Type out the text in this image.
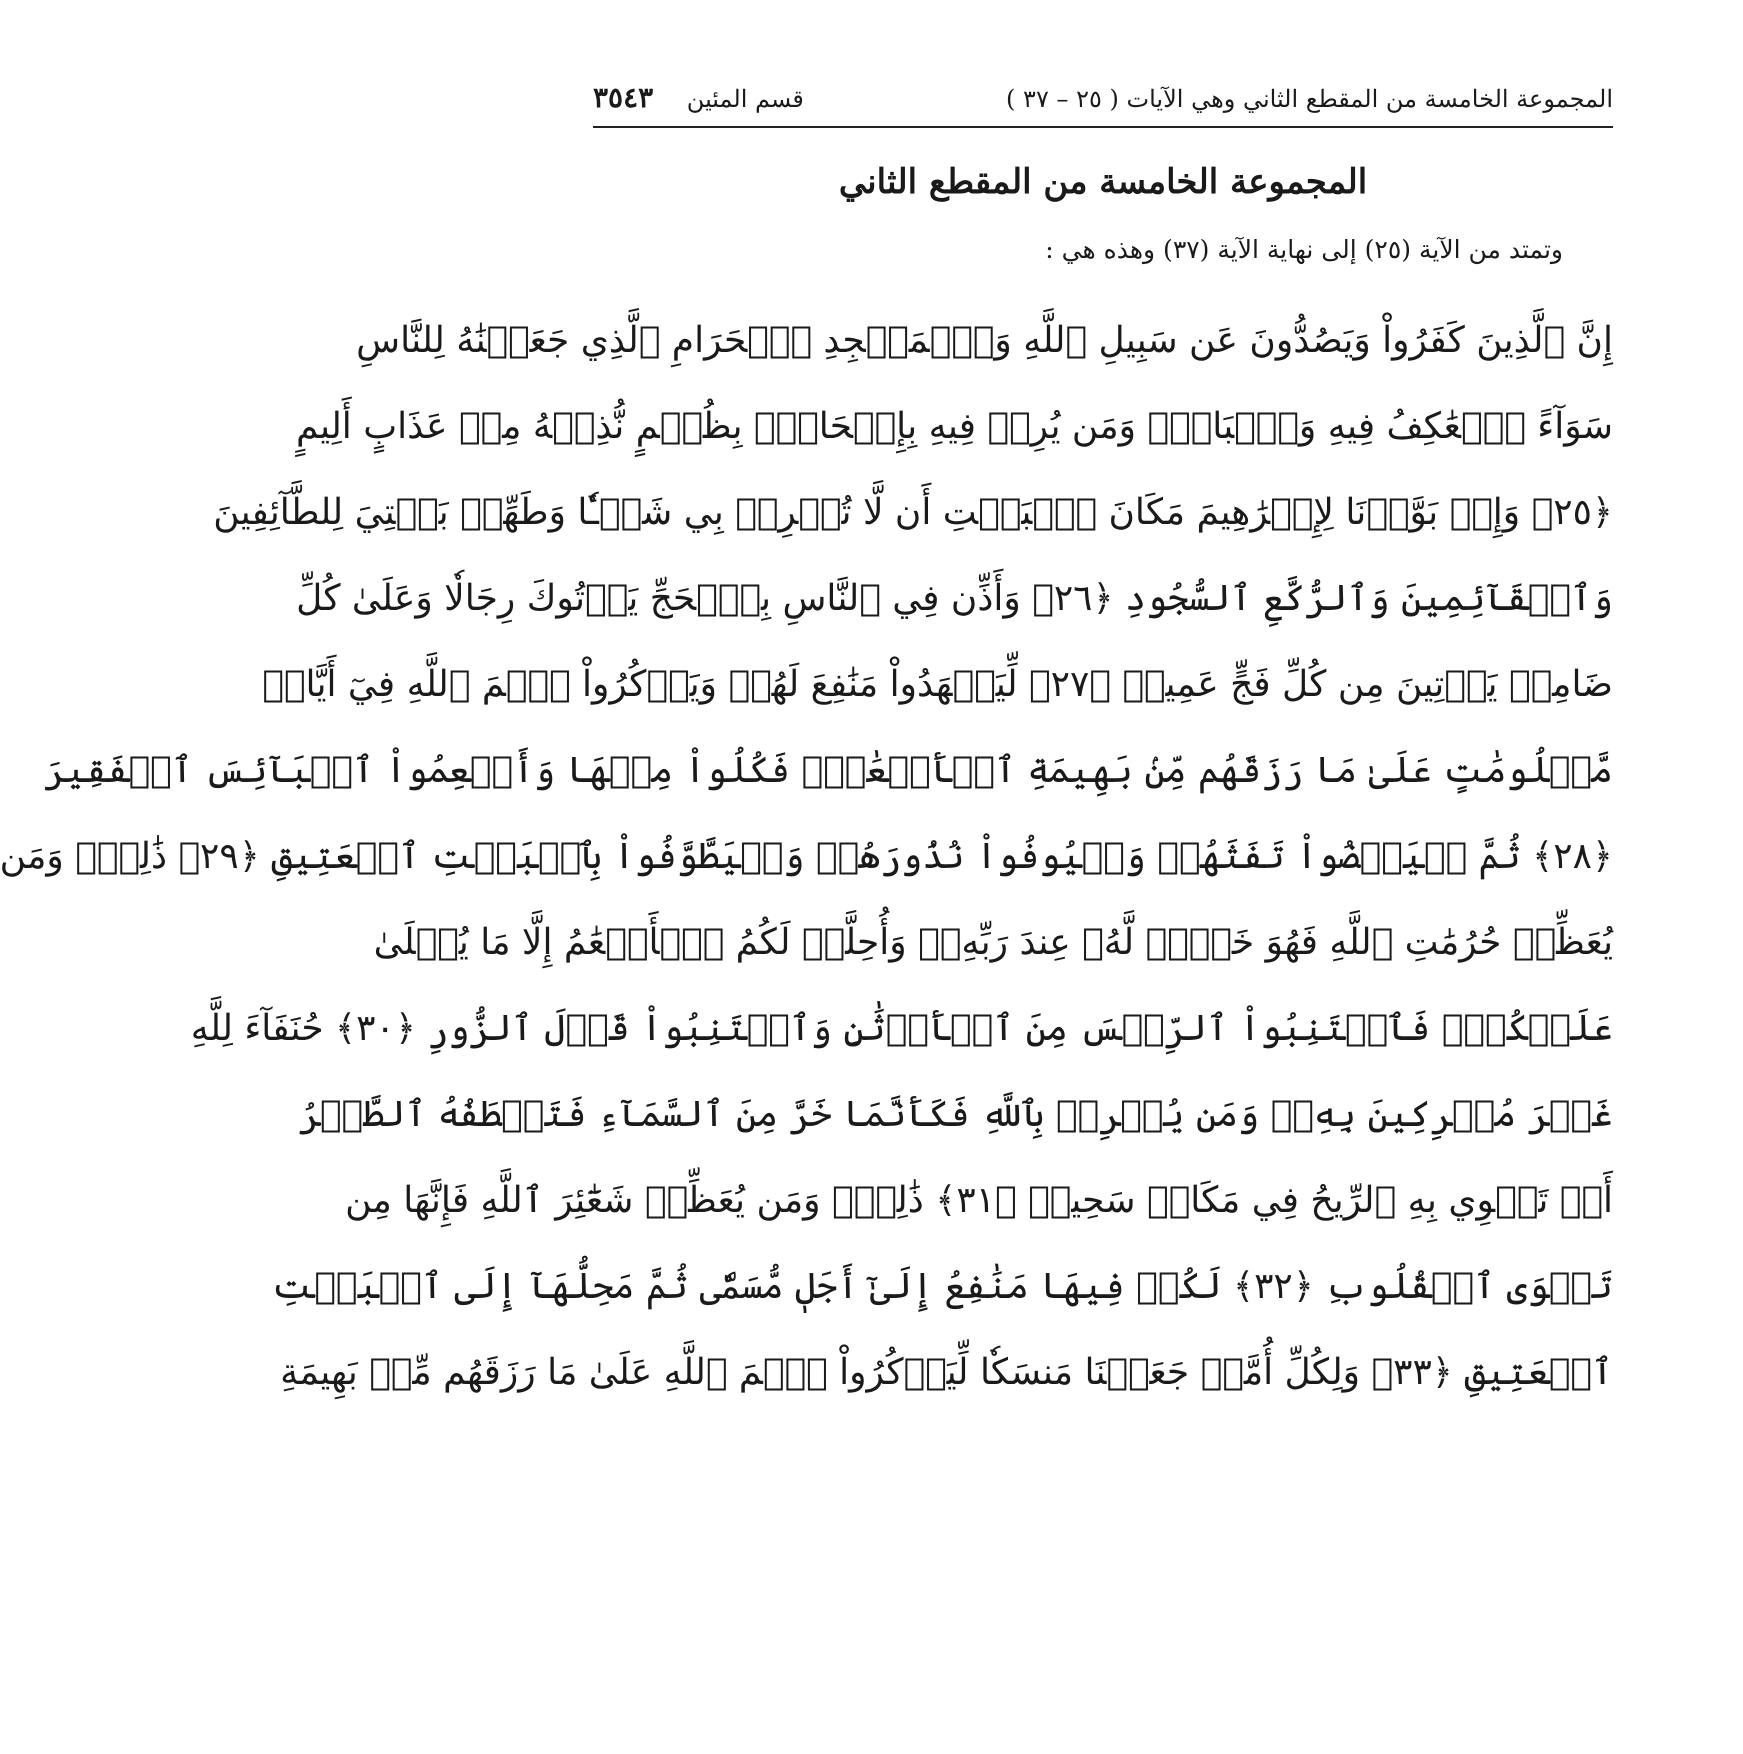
المجموعة الخامسة من المقطع الثاني وهي الآيات ( ٢٥ – ٣٧ )
قسم المئين ٣٥٤٣
المجموعة الخامسة من المقطع الثاني
وتمتد من الآية (٢٥) إلى نهاية الآية (٣٧) وهذه هي :
إِنَّ ٱلَّذِينَ كَفَرُواْ وَيَصُدُّونَ عَن سَبِيلِ ٱللَّهِ وَٱلۡمَسۡجِدِ ٱلۡحَرَامِ ٱلَّذِي جَعَلۡنَٰهُ لِلنَّاسِ
سَوَآءً ٱلۡعَٰكِفُ فِيهِ وَٱلۡبَادِۚ وَمَن يُرِدۡ فِيهِ بِإِلۡحَادِۭ بِظُلۡمٍ نُّذِقۡهُ مِنۡ عَذَابٍ أَلِيمٍ
﴿٢٥﴾ وَإِذۡ بَوَّأۡنَا لِإِبۡرَٰهِيمَ مَكَانَ ٱلۡبَيۡتِ أَن لَّا تُشۡرِكۡ بِي شَيۡـٔٗا وَطَهِّرۡ بَيۡتِيَ لِلطَّآئِفِينَ
وَٱلۡقَآئِمِينَ وَٱلرُّكَّعِ ٱلسُّجُودِ ﴿٢٦﴾ وَأَذِّن فِي ٱلنَّاسِ بِٱلۡحَجِّ يَأۡتُوكَ رِجَالٗا وَعَلَىٰ كُلِّ
ضَامِرٖ يَأۡتِينَ مِن كُلِّ فَجٍّ عَمِيقٖ ﴿٢٧﴾ لِّيَشۡهَدُواْ مَنَٰفِعَ لَهُمۡ وَيَذۡكُرُواْ ٱسۡمَ ٱللَّهِ فِيٓ أَيَّامٖ
مَّعۡلُومَٰتٍ عَلَىٰ مَا رَزَقَهُم مِّنۢ بَهِيمَةِ ٱلۡأَنۡعَٰمِۖ فَكُلُواْ مِنۡهَا وَأَطۡعِمُواْ ٱلۡبَآئِسَ ٱلۡفَقِيرَ
﴿٢٨﴾ ثُمَّ لۡيَقۡضُواْ تَفَثَهُمۡ وَلۡيُوفُواْ نُذُورَهُمۡ وَلۡيَطَّوَّفُواْ بِٱلۡبَيۡتِ ٱلۡعَتِيقِ ﴿٢٩﴾ ذَٰلِكَۖ وَمَن
يُعَظِّمۡ حُرُمَٰتِ ٱللَّهِ فَهُوَ خَيۡرٞ لَّهُۥ عِندَ رَبِّهِۦۗ وَأُحِلَّتۡ لَكُمُ ٱلۡأَنۡعَٰمُ إِلَّا مَا يُتۡلَىٰ
عَلَيۡكُمۡۖ فَٱجۡتَنِبُواْ ٱلرِّجۡسَ مِنَ ٱلۡأَوۡثَٰنِ وَٱجۡتَنِبُواْ قَوۡلَ ٱلزُّورِ ﴿٣٠﴾ حُنَفَآءَ لِلَّهِ
غَيۡرَ مُشۡرِكِينَ بِهِۦۚ وَمَن يُشۡرِكۡ بِٱللَّهِ فَكَأَنَّمَا خَرَّ مِنَ ٱلسَّمَآءِ فَتَخۡطَفُهُ ٱلطَّيۡرُ
أَوۡ تَهۡوِي بِهِ ٱلرِّيحُ فِي مَكَانٖ سَحِيقٖ ﴿٣١﴾ ذَٰلِكَۖ وَمَن يُعَظِّمۡ شَعَٰٓئِرَ ٱللَّهِ فَإِنَّهَا مِن
تَقۡوَى ٱلۡقُلُوبِ ﴿٣٢﴾ لَكُمۡ فِيهَا مَنَٰفِعُ إِلَىٰٓ أَجَلٖ مُّسَمّٗى ثُمَّ مَحِلُّهَآ إِلَى ٱلۡبَيۡتِ
ٱلۡعَتِيقِ ﴿٣٣﴾ وَلِكُلِّ أُمَّةٖ جَعَلۡنَا مَنسَكٗا لِّيَذۡكُرُواْ ٱسۡمَ ٱللَّهِ عَلَىٰ مَا رَزَقَهُم مِّنۢ بَهِيمَةِ
